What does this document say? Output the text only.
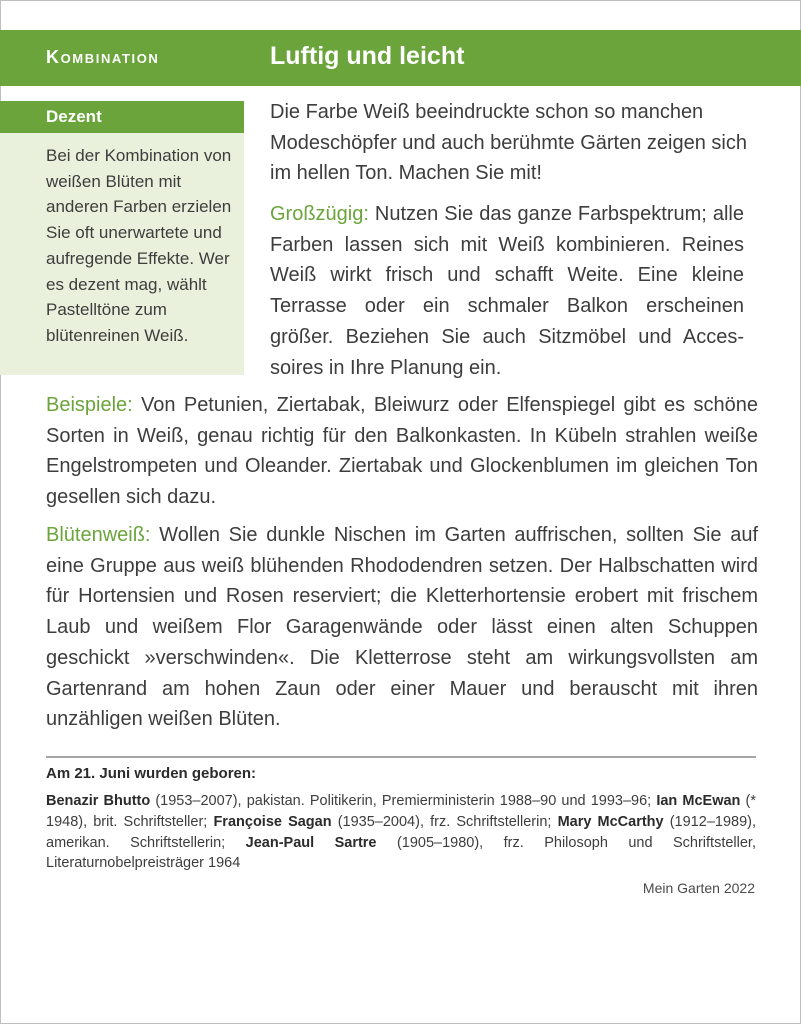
Kombination	Luftig und leicht
Dezent
Bei der Kombination von weißen Blüten mit anderen Farben erzielen Sie oft unerwartete und aufregende Effekte. Wer es dezent mag, wählt Pastelltöne zum blütenreinen Weiß.
Die Farbe Weiß beeindruckte schon so manchen Modeschöpfer und auch berühmte Gärten zeigen sich im hellen Ton. Machen Sie mit!
Großzügig: Nutzen Sie das ganze Farbspektrum; alle Farben lassen sich mit Weiß kombinieren. Reines Weiß wirkt frisch und schafft Weite. Eine kleine Terrasse oder ein schmaler Balkon erscheinen größer. Beziehen Sie auch Sitzmöbel und Accessoires in Ihre Planung ein.
Beispiele: Von Petunien, Ziertabak, Bleiwurz oder Elfenspiegel gibt es schöne Sorten in Weiß, genau richtig für den Balkonkasten. In Kübeln strahlen weiße Engelstrompeten und Oleander. Ziertabak und Glockenblumen im gleichen Ton gesellen sich dazu.
Blütenweiß: Wollen Sie dunkle Nischen im Garten auffrischen, sollten Sie auf eine Gruppe aus weiß blühenden Rhododendren setzen. Der Halbschatten wird für Hortensien und Rosen reserviert; die Kletterhortensie erobert mit frischem Laub und weißem Flor Garagenwände oder lässt einen alten Schuppen geschickt »verschwinden«. Die Kletterrose steht am wirkungsvollsten am Gartenrand am hohen Zaun oder einer Mauer und berauscht mit ihren unzähligen weißen Blüten.
Am 21. Juni wurden geboren:
Benazir Bhutto (1953–2007), pakistan. Politikerin, Premierministerin 1988–90 und 1993–96; Ian McEwan (* 1948), brit. Schriftsteller; Françoise Sagan (1935–2004), frz. Schriftstellerin; Mary McCarthy (1912–1989), amerikan. Schriftstellerin; Jean-Paul Sartre (1905–1980), frz. Philosoph und Schriftsteller, Literaturnobelpreisträger 1964
Mein Garten 2022
